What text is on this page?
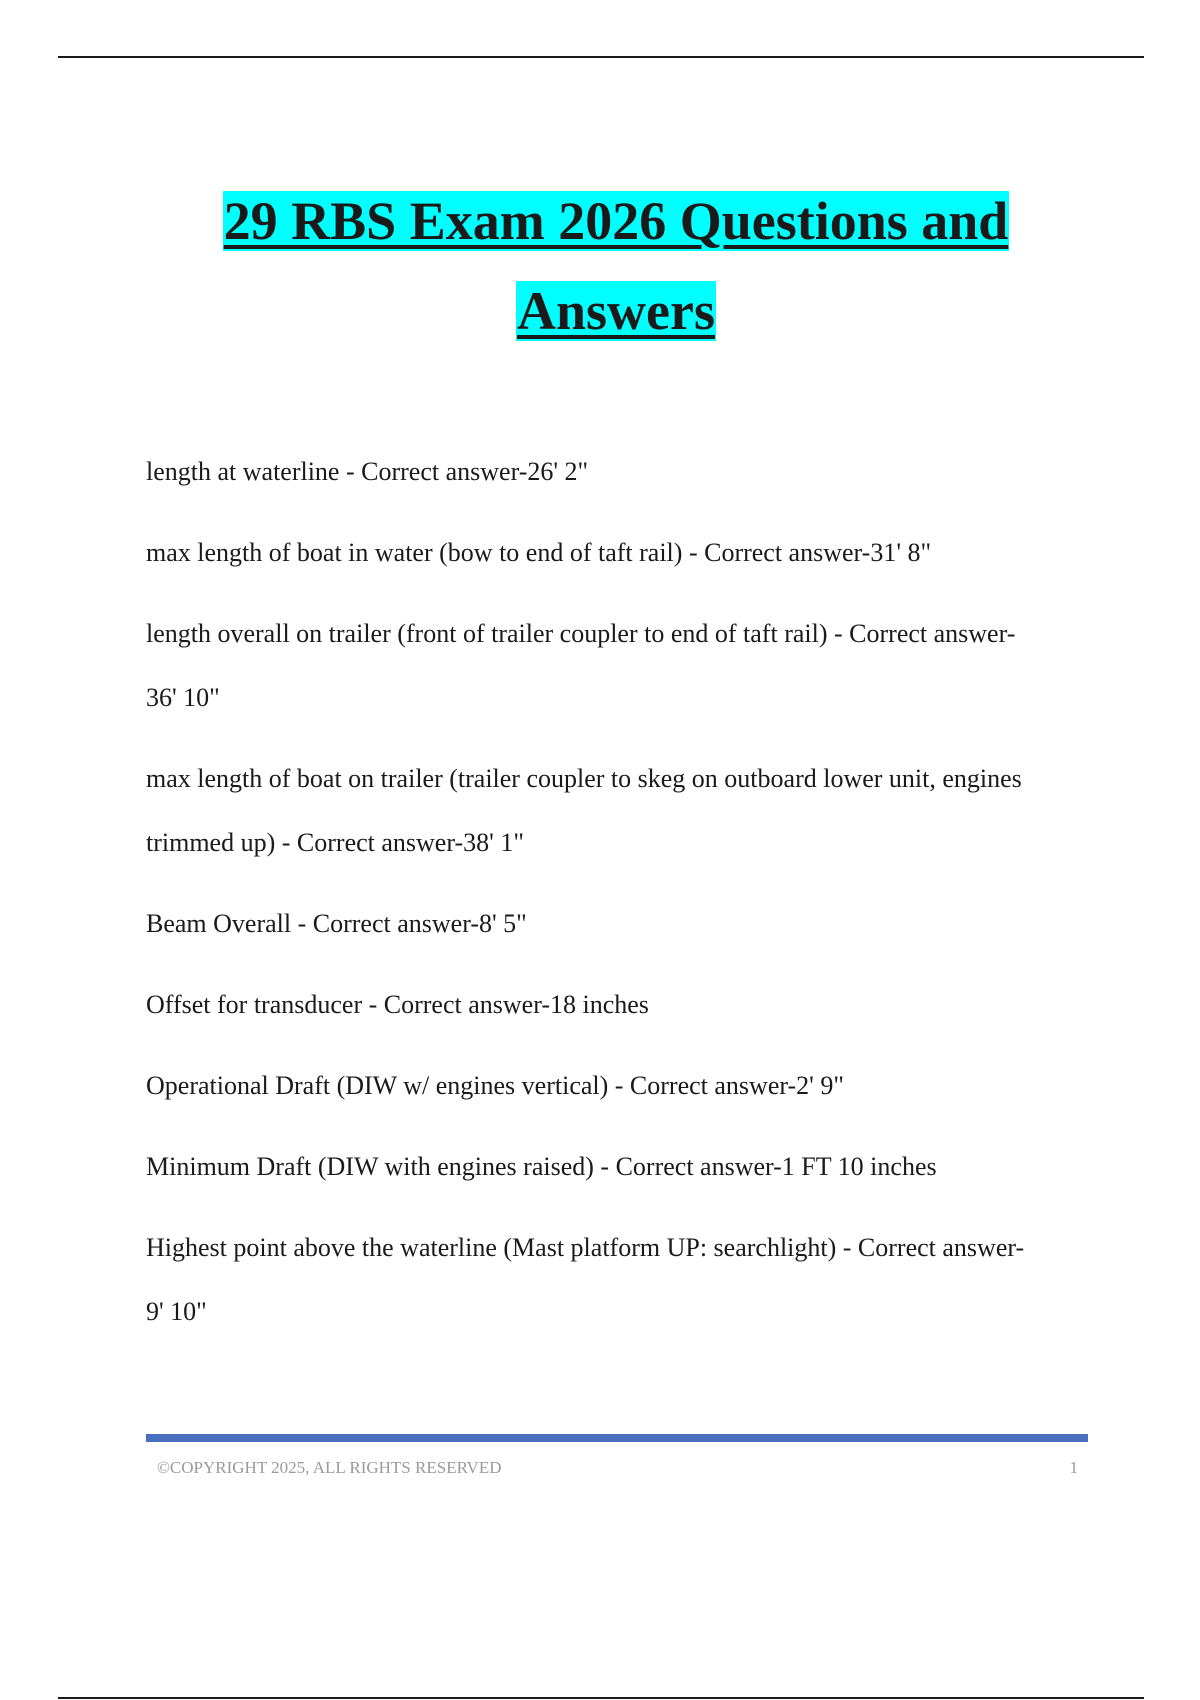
29 RBS Exam 2026 Questions and
Answers

length at waterline - Correct answer-26' 2"

max length of boat in water (bow to end of taft rail) - Correct answer-31' 8"

length overall on trailer (front of trailer coupler to end of taft rail) - Correct answer-36' 10"

max length of boat on trailer (trailer coupler to skeg on outboard lower unit, engines trimmed up) - Correct answer-38' 1"

Beam Overall - Correct answer-8' 5"

Offset for transducer - Correct answer-18 inches

Operational Draft (DIW w/ engines vertical) - Correct answer-2' 9"

Minimum Draft (DIW with engines raised) - Correct answer-1 FT 10 inches

Highest point above the waterline (Mast platform UP: searchlight) - Correct answer-9' 10"

©COPYRIGHT 2025, ALL RIGHTS RESERVED	1
